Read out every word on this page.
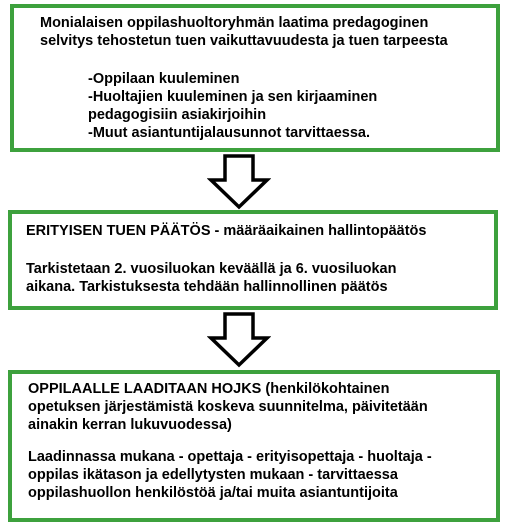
Monialaisen oppilashuoltoryhmän laatima predagoginen
selvitys tehostetun tuen vaikuttavuudesta ja tuen tarpeesta
-Oppilaan kuuleminen
-Huoltajien kuuleminen ja sen kirjaaminen
pedagogisiin asiakirjoihin
-Muut asiantuntijalausunnot tarvittaessa.
ERITYISEN TUEN PÄÄTÖS - määräaikainen hallintopäätös
Tarkistetaan 2. vuosiluokan keväällä ja 6. vuosiluokan
aikana. Tarkistuksesta tehdään hallinnollinen päätös
OPPILAALLE LAADITAAN HOJKS (henkilökohtainen
opetuksen järjestämistä koskeva suunnitelma, päivitetään
ainakin kerran lukuvuodessa)
Laadinnassa mukana - opettaja - erityisopettaja - huoltaja -
oppilas ikätason ja edellytysten mukaan - tarvittaessa
oppilashuollon henkilöstöä ja/tai muita asiantuntijoita
